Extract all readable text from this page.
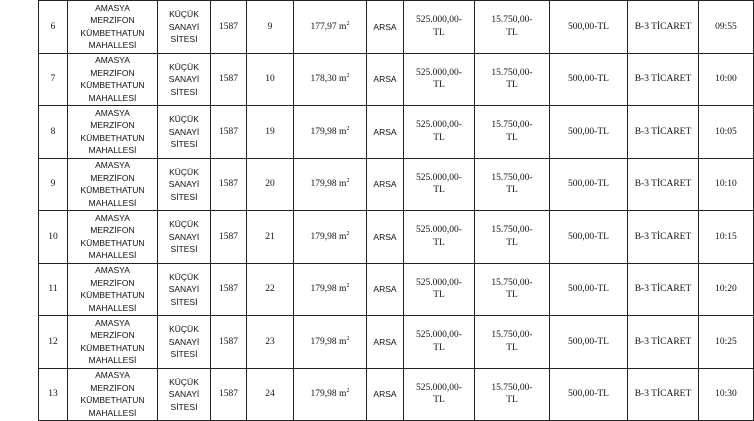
6	AMASYA
MERZİFON
KÜMBETHATUN
MAHALLESİ	KÜÇÜK
SANAYİ
SİTESİ	1587	9	177,97 $m^2$	ARSA	525.000,00-
TL	15.750,00-
TL	500,00-TL	B-3 TİCARET	09:55
7	AMASYA
MERZİFON
KÜMBETHATUN
MAHALLESİ	KÜÇÜK
SANAYİ
SİTESİ	1587	10	178,30 $m^2$	ARSA	525.000,00-
TL	15.750,00-
TL	500,00-TL	B-3 TİCARET	10:00
8	AMASYA
MERZİFON
KÜMBETHATUN
MAHALLESİ	KÜÇÜK
SANAYİ
SİTESİ	1587	19	179,98 $m^2$	ARSA	525.000,00-
TL	15.750,00-
TL	500,00-TL	B-3 TİCARET	10:05
9	AMASYA
MERZİFON
KÜMBETHATUN
MAHALLESİ	KÜÇÜK
SANAYİ
SİTESİ	1587	20	179,98 $m^2$	ARSA	525.000,00-
TL	15.750,00-
TL	500,00-TL	B-3 TİCARET	10:10
10	AMASYA
MERZİFON
KÜMBETHATUN
MAHALLESİ	KÜÇÜK
SANAYİ
SİTESİ	1587	21	179,98 $m^2$	ARSA	525.000,00-
TL	15.750,00-
TL	500,00-TL	B-3 TİCARET	10:15
11	AMASYA
MERZİFON
KÜMBETHATUN
MAHALLESİ	KÜÇÜK
SANAYİ
SİTESİ	1587	22	179,98 $m^2$	ARSA	525.000,00-
TL	15.750,00-
TL	500,00-TL	B-3 TİCARET	10:20
12	AMASYA
MERZİFON
KÜMBETHATUN
MAHALLESİ	KÜÇÜK
SANAYİ
SİTESİ	1587	23	179,98 $m^2$	ARSA	525.000,00-
TL	15.750,00-
TL	500,00-TL	B-3 TİCARET	10:25
13	AMASYA
MERZİFON
KÜMBETHATUN
MAHALLESİ	KÜÇÜK
SANAYİ
SİTESİ	1587	24	179,98 $m^2$	ARSA	525.000,00-
TL	15.750,00-
TL	500,00-TL	B-3 TİCARET	10:30
